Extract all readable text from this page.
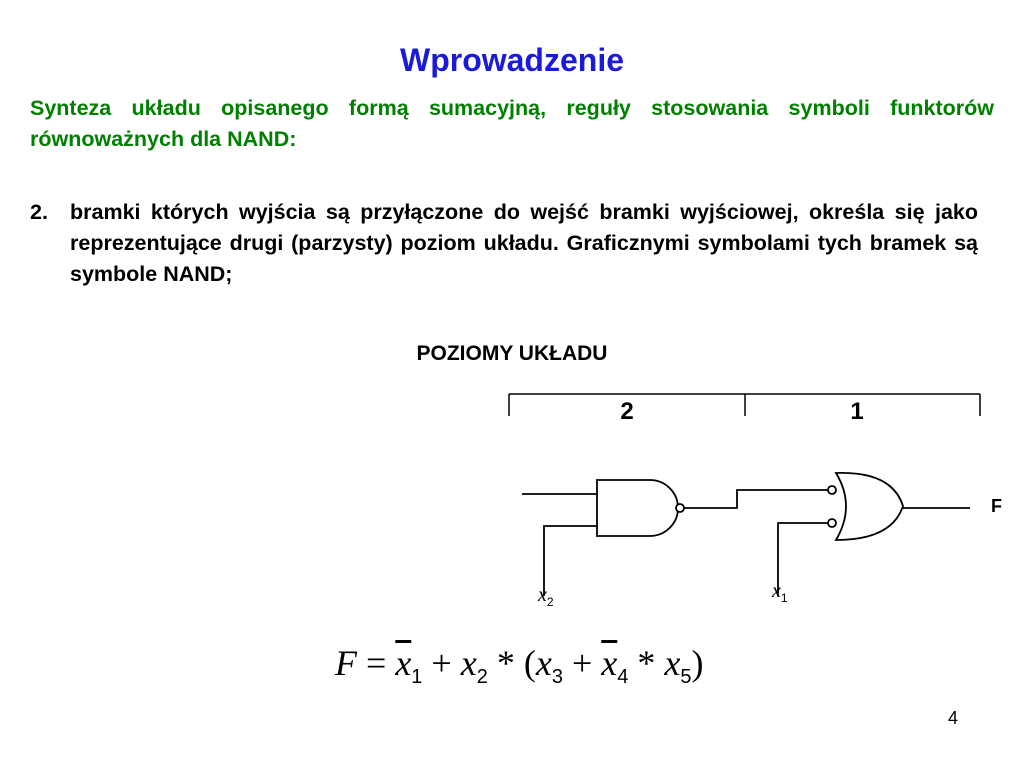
Wprowadzenie
Synteza układu opisanego formą sumacyjną, reguły stosowania symboli funktorów równoważnych dla NAND:
2. bramki których wyjścia są przyłączone do wejść bramki wyjściowej, określa się jako reprezentujące drugi (parzysty) poziom układu. Graficznymi symbolami tych bramek są symbole NAND;
POZIOMY UKŁADU
2	1
F
$x_2$	$x_1$
$F = \overline{x}_1 + x_2 * (x_3 + \overline{x}_4 * x_5)$
4
